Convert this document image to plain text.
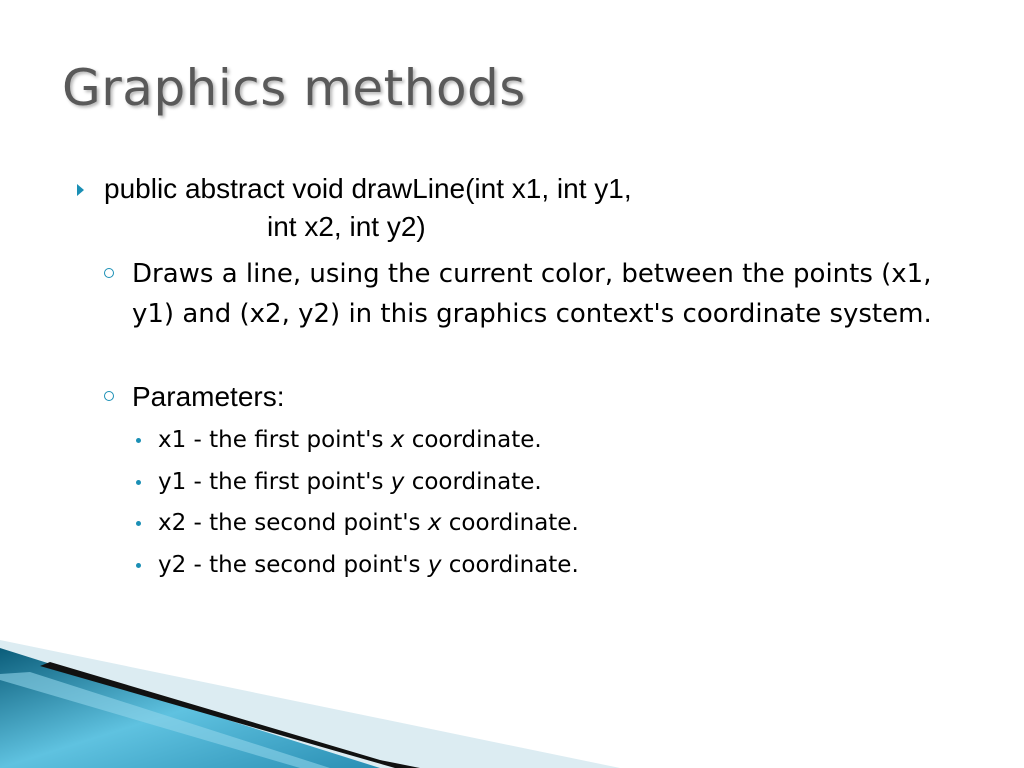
Graphics methods
public abstract void drawLine(int x1, int y1,
int x2, int y2)
Draws a line, using the current color, between the points (x1, y1) and (x2, y2) in this graphics context's coordinate system.
Parameters:
x1 - the first point's x coordinate.
y1 - the first point's y coordinate.
x2 - the second point's x coordinate.
y2 - the second point's y coordinate.
